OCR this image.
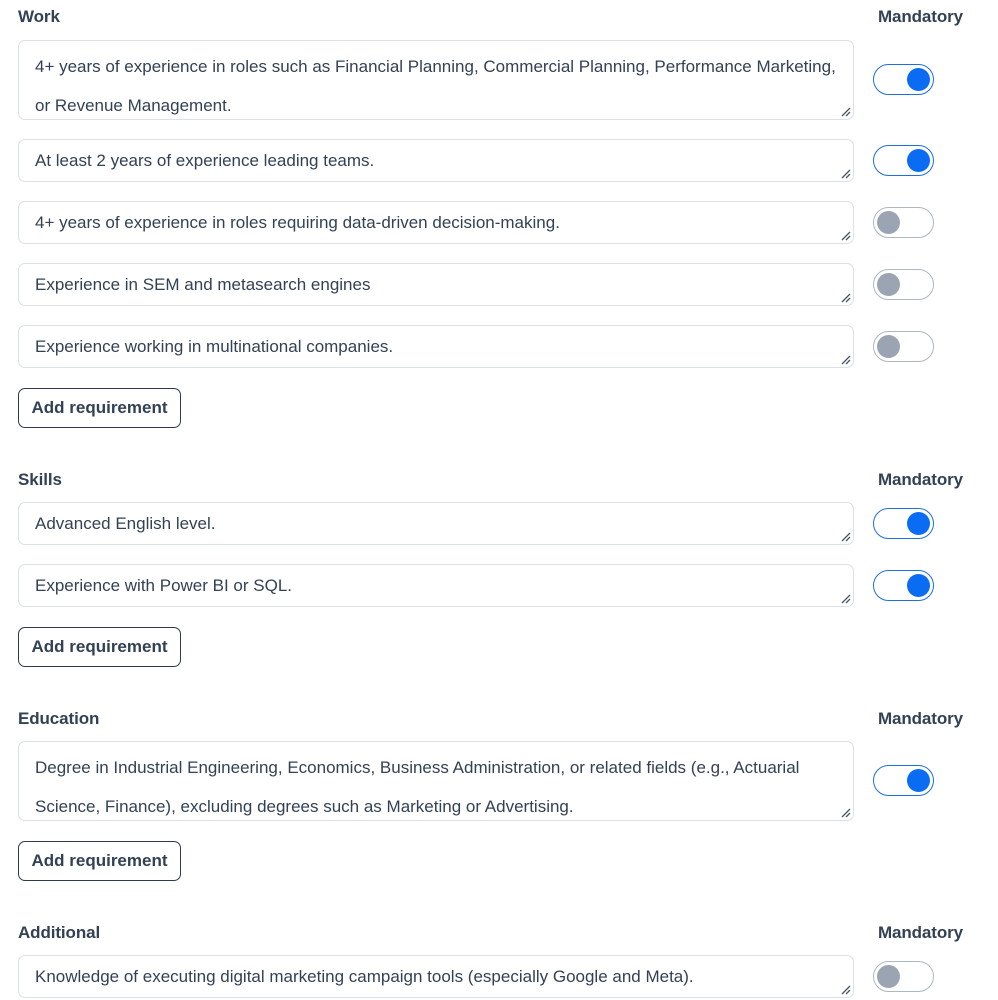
Work	Mandatory
4+ years of experience in roles such as Financial Planning, Commercial Planning, Performance Marketing,
or Revenue Management.
At least 2 years of experience leading teams.
4+ years of experience in roles requiring data-driven decision-making.
Experience in SEM and metasearch engines
Experience working in multinational companies.
Add requirement
Skills	Mandatory
Advanced English level.
Experience with Power BI or SQL.
Add requirement
Education	Mandatory
Degree in Industrial Engineering, Economics, Business Administration, or related fields (e.g., Actuarial
Science, Finance), excluding degrees such as Marketing or Advertising.
Add requirement
Additional	Mandatory
Knowledge of executing digital marketing campaign tools (especially Google and Meta).
